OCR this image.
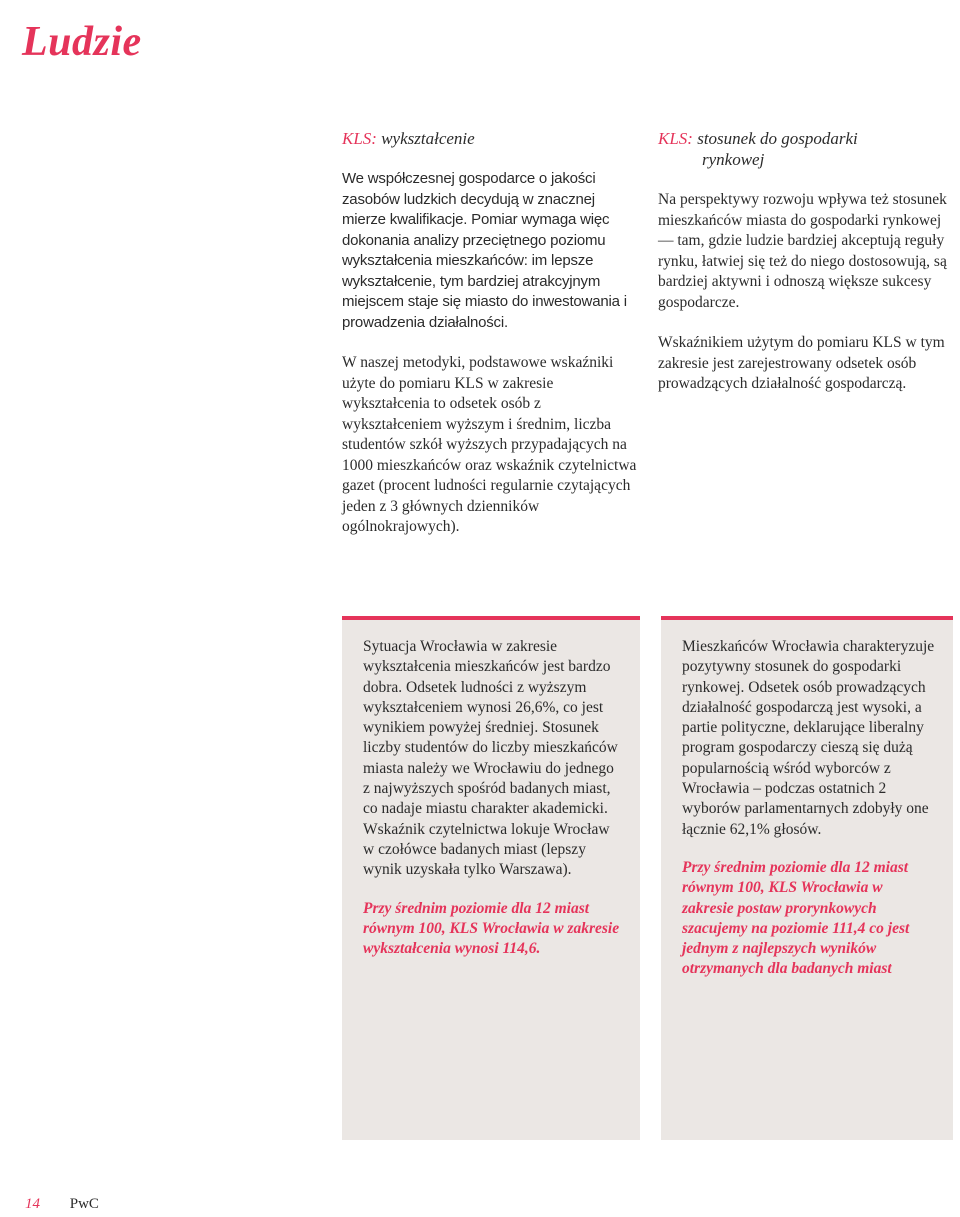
Ludzie
KLS: wykształcenie

We współczesnej gospodarce o jakości zasobów ludzkich decydują w znacznej mierze kwalifikacje. Pomiar wymaga więc dokonania analizy przeciętnego poziomu wykształcenia mieszkańców: im lepsze wykształcenie, tym bardziej atrakcyjnym miejscem staje się miasto do inwestowania i prowadzenia działalności.

W naszej metodyki, podstawowe wskaźniki użyte do pomiaru KLS w zakresie wykształcenia to odsetek osób z wykształceniem wyższym i średnim, liczba studentów szkół wyższych przypadających na 1000 mieszkańców oraz wskaźnik czytelnictwa gazet (procent ludności regularnie czytających jeden z 3 głównych dzienników ogólnokrajowych).

KLS: stosunek do gospodarki
rynkowej

Na perspektywy rozwoju wpływa też stosunek mieszkańców miasta do gospodarki rynkowej — tam, gdzie ludzie bardziej akceptują reguły rynku, łatwiej się też do niego dostosowują, są bardziej aktywni i odnoszą większe sukcesy gospodarcze.

Wskaźnikiem użytym do pomiaru KLS w tym zakresie jest zarejestrowany odsetek osób prowadzących działalność gospodarczą.

Sytuacja Wrocławia w zakresie wykształcenia mieszkańców jest bardzo dobra. Odsetek ludności z wyższym wykształceniem wynosi 26,6%, co jest wynikiem powyżej średniej. Stosunek liczby studentów do liczby mieszkańców miasta należy we Wrocławiu do jednego z najwyższych spośród badanych miast, co nadaje miastu charakter akademicki. Wskaźnik czytelnictwa lokuje Wrocław w czołówce badanych miast (lepszy wynik uzyskała tylko Warszawa).

Przy średnim poziomie dla 12 miast równym 100, KLS Wrocławia w zakresie wykształcenia wynosi 114,6.

Mieszkańców Wrocławia charakteryzuje pozytywny stosunek do gospodarki rynkowej. Odsetek osób prowadzących działalność gospodarczą jest wysoki, a partie polityczne, deklarujące liberalny program gospodarczy cieszą się dużą popularnością wśród wyborców z Wrocławia – podczas ostatnich 2 wyborów parlamentarnych zdobyły one łącznie 62,1% głosów.

Przy średnim poziomie dla 12 miast równym 100, KLS Wrocławia w zakresie postaw prorynkowych szacujemy na poziomie 111,4 co jest jednym z najlepszych wyników otrzymanych dla badanych miast

14 PwC
